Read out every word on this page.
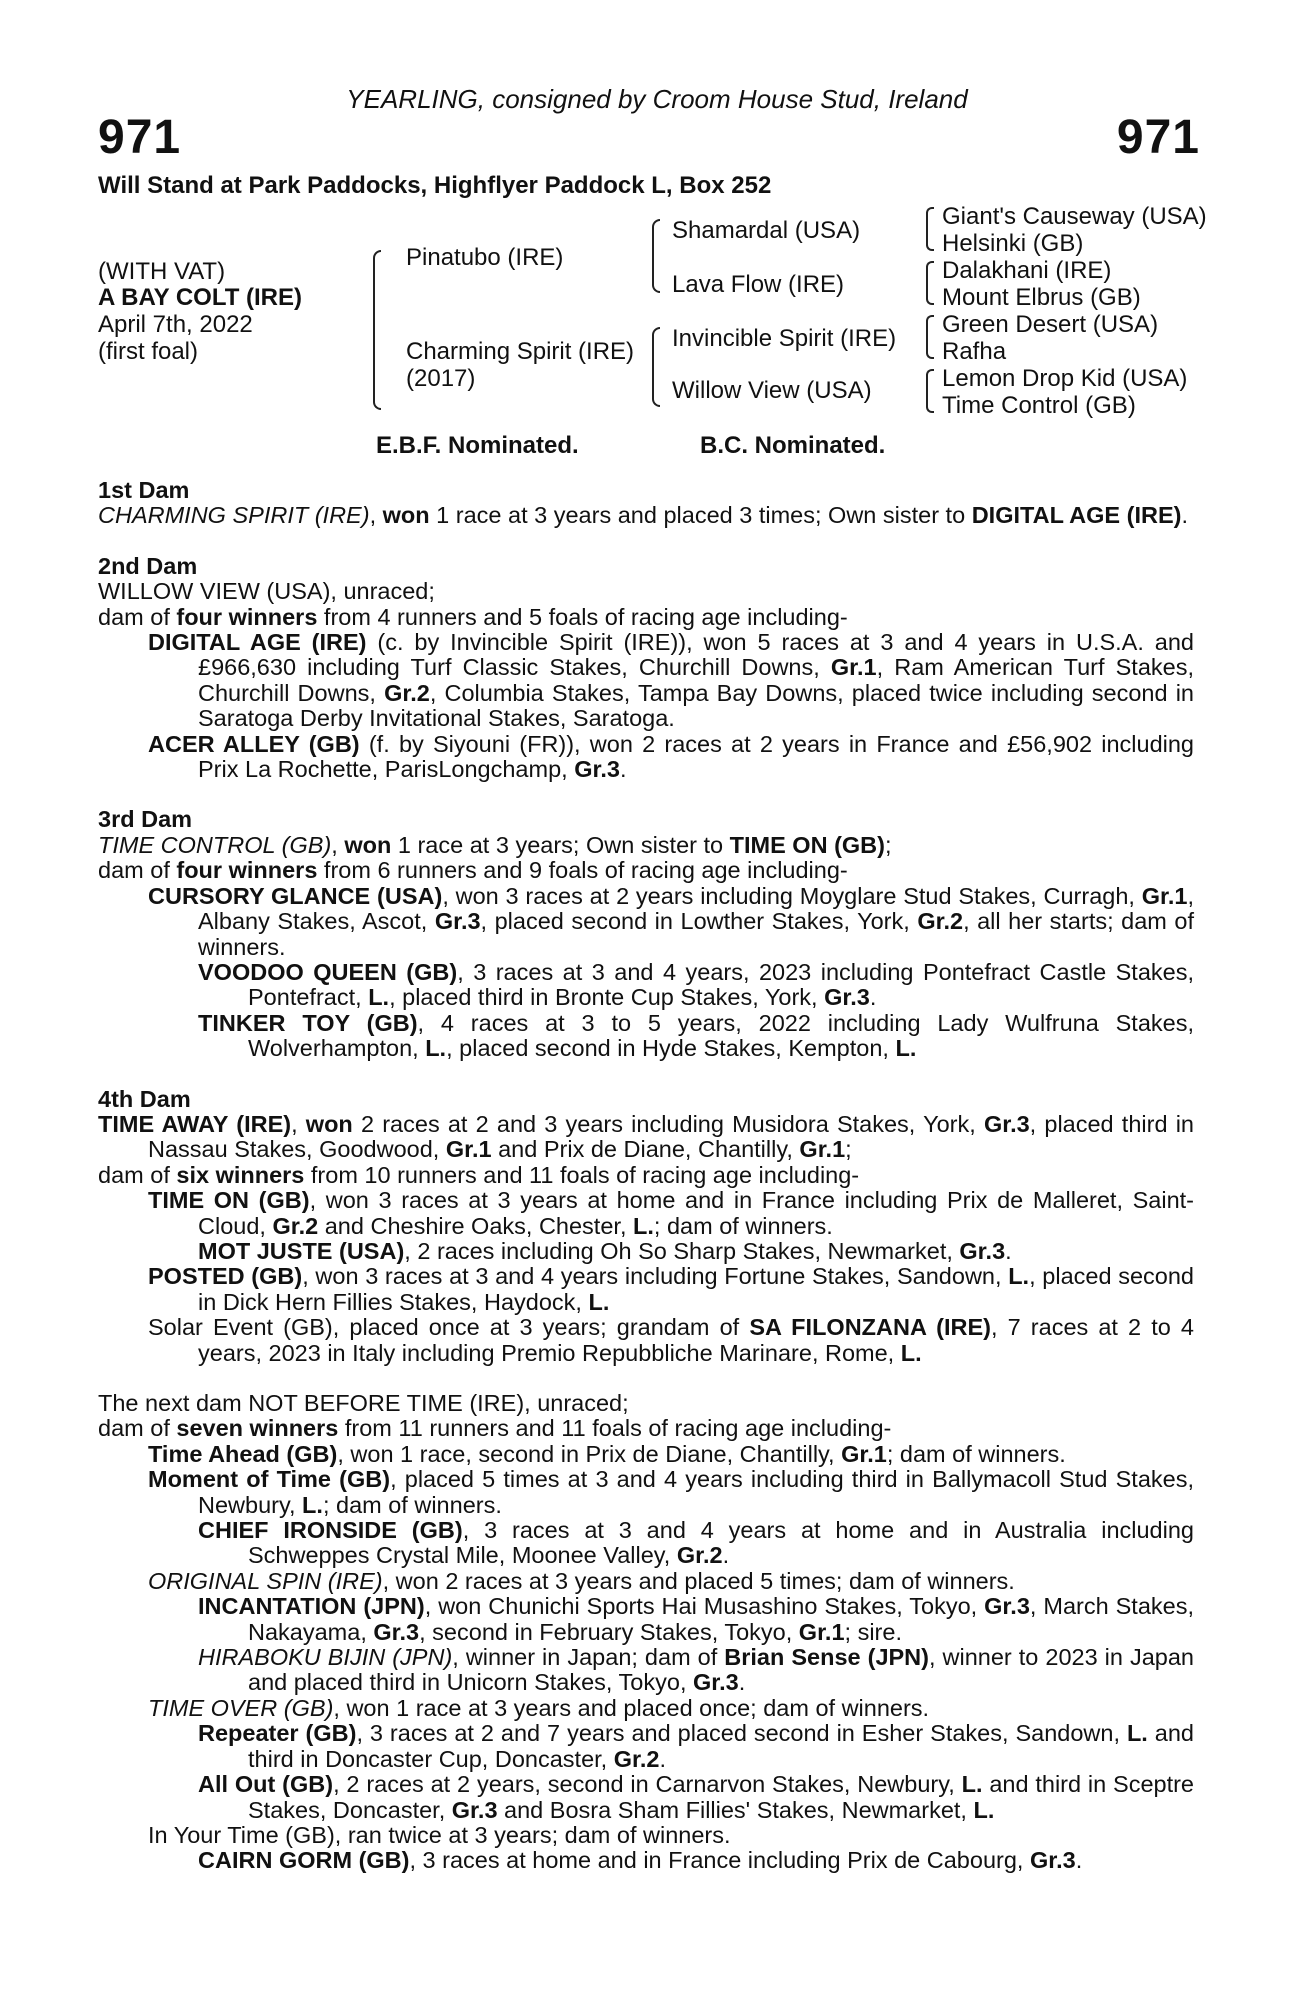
YEARLING, consigned by Croom House Stud, Ireland
971	971
Will Stand at Park Paddocks, Highflyer Paddock L, Box 252
(WITH VAT)
A BAY COLT (IRE)
April 7th, 2022
(first foal)
Pinatubo (IRE)
Charming Spirit (IRE)
(2017)
Shamardal (USA)
Lava Flow (IRE)
Invincible Spirit (IRE)
Willow View (USA)
Giant's Causeway (USA)
Helsinki (GB)
Dalakhani (IRE)
Mount Elbrus (GB)
Green Desert (USA)
Rafha
Lemon Drop Kid (USA)
Time Control (GB)
E.B.F. Nominated.	B.C. Nominated.
1st Dam
CHARMING SPIRIT (IRE), won 1 race at 3 years and placed 3 times; Own sister to DIGITAL AGE (IRE).
2nd Dam
WILLOW VIEW (USA), unraced;
dam of four winners from 4 runners and 5 foals of racing age including-
DIGITAL AGE (IRE) (c. by Invincible Spirit (IRE)), won 5 races at 3 and 4 years in U.S.A. and £966,630 including Turf Classic Stakes, Churchill Downs, Gr.1, Ram American Turf Stakes, Churchill Downs, Gr.2, Columbia Stakes, Tampa Bay Downs, placed twice including second in Saratoga Derby Invitational Stakes, Saratoga.
ACER ALLEY (GB) (f. by Siyouni (FR)), won 2 races at 2 years in France and £56,902 including Prix La Rochette, ParisLongchamp, Gr.3.
3rd Dam
TIME CONTROL (GB), won 1 race at 3 years; Own sister to TIME ON (GB);
dam of four winners from 6 runners and 9 foals of racing age including-
CURSORY GLANCE (USA), won 3 races at 2 years including Moyglare Stud Stakes, Curragh, Gr.1, Albany Stakes, Ascot, Gr.3, placed second in Lowther Stakes, York, Gr.2, all her starts; dam of winners.
VOODOO QUEEN (GB), 3 races at 3 and 4 years, 2023 including Pontefract Castle Stakes, Pontefract, L., placed third in Bronte Cup Stakes, York, Gr.3.
TINKER TOY (GB), 4 races at 3 to 5 years, 2022 including Lady Wulfruna Stakes, Wolverhampton, L., placed second in Hyde Stakes, Kempton, L.
4th Dam
TIME AWAY (IRE), won 2 races at 2 and 3 years including Musidora Stakes, York, Gr.3, placed third in Nassau Stakes, Goodwood, Gr.1 and Prix de Diane, Chantilly, Gr.1;
dam of six winners from 10 runners and 11 foals of racing age including-
TIME ON (GB), won 3 races at 3 years at home and in France including Prix de Malleret, Saint-Cloud, Gr.2 and Cheshire Oaks, Chester, L.; dam of winners.
MOT JUSTE (USA), 2 races including Oh So Sharp Stakes, Newmarket, Gr.3.
POSTED (GB), won 3 races at 3 and 4 years including Fortune Stakes, Sandown, L., placed second in Dick Hern Fillies Stakes, Haydock, L.
Solar Event (GB), placed once at 3 years; grandam of SA FILONZANA (IRE), 7 races at 2 to 4 years, 2023 in Italy including Premio Repubbliche Marinare, Rome, L.
The next dam NOT BEFORE TIME (IRE), unraced;
dam of seven winners from 11 runners and 11 foals of racing age including-
Time Ahead (GB), won 1 race, second in Prix de Diane, Chantilly, Gr.1; dam of winners.
Moment of Time (GB), placed 5 times at 3 and 4 years including third in Ballymacoll Stud Stakes, Newbury, L.; dam of winners.
CHIEF IRONSIDE (GB), 3 races at 3 and 4 years at home and in Australia including Schweppes Crystal Mile, Moonee Valley, Gr.2.
ORIGINAL SPIN (IRE), won 2 races at 3 years and placed 5 times; dam of winners.
INCANTATION (JPN), won Chunichi Sports Hai Musashino Stakes, Tokyo, Gr.3, March Stakes, Nakayama, Gr.3, second in February Stakes, Tokyo, Gr.1; sire.
HIRABOKU BIJIN (JPN), winner in Japan; dam of Brian Sense (JPN), winner to 2023 in Japan and placed third in Unicorn Stakes, Tokyo, Gr.3.
TIME OVER (GB), won 1 race at 3 years and placed once; dam of winners.
Repeater (GB), 3 races at 2 and 7 years and placed second in Esher Stakes, Sandown, L. and third in Doncaster Cup, Doncaster, Gr.2.
All Out (GB), 2 races at 2 years, second in Carnarvon Stakes, Newbury, L. and third in Sceptre Stakes, Doncaster, Gr.3 and Bosra Sham Fillies' Stakes, Newmarket, L.
In Your Time (GB), ran twice at 3 years; dam of winners.
CAIRN GORM (GB), 3 races at home and in France including Prix de Cabourg, Gr.3.
